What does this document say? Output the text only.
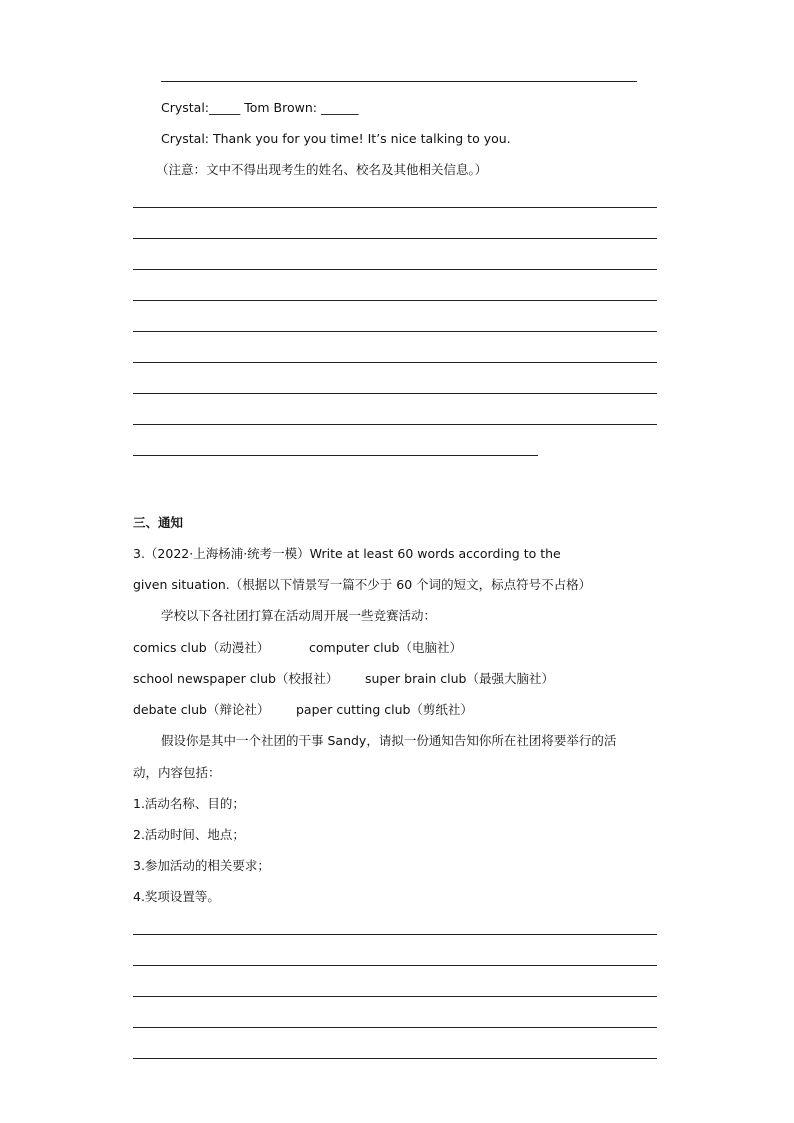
Crystal:_____ Tom Brown: ______
Crystal: Thank you for you time! It’s nice talking to you.
（注意：文中不得出现考生的姓名、校名及其他相关信息。）
三、通知
3.（2022·上海杨浦·统考一模）Write at least 60 words according to the
given situation.（根据以下情景写一篇不少于 60 个词的短文，标点符号不占格）
学校以下各社团打算在活动周开展一些竞赛活动：
comics club（动漫社）	computer club（电脑社）
school newspaper club（校报社） super brain club（最强大脑社）
debate club（辩论社） paper cutting club（剪纸社）
假设你是其中一个社团的干事 Sandy，请拟一份通知告知你所在社团将要举行的活
动，内容包括：
1.活动名称、目的；
2.活动时间、地点；
3.参加活动的相关要求；
4.奖项设置等。
